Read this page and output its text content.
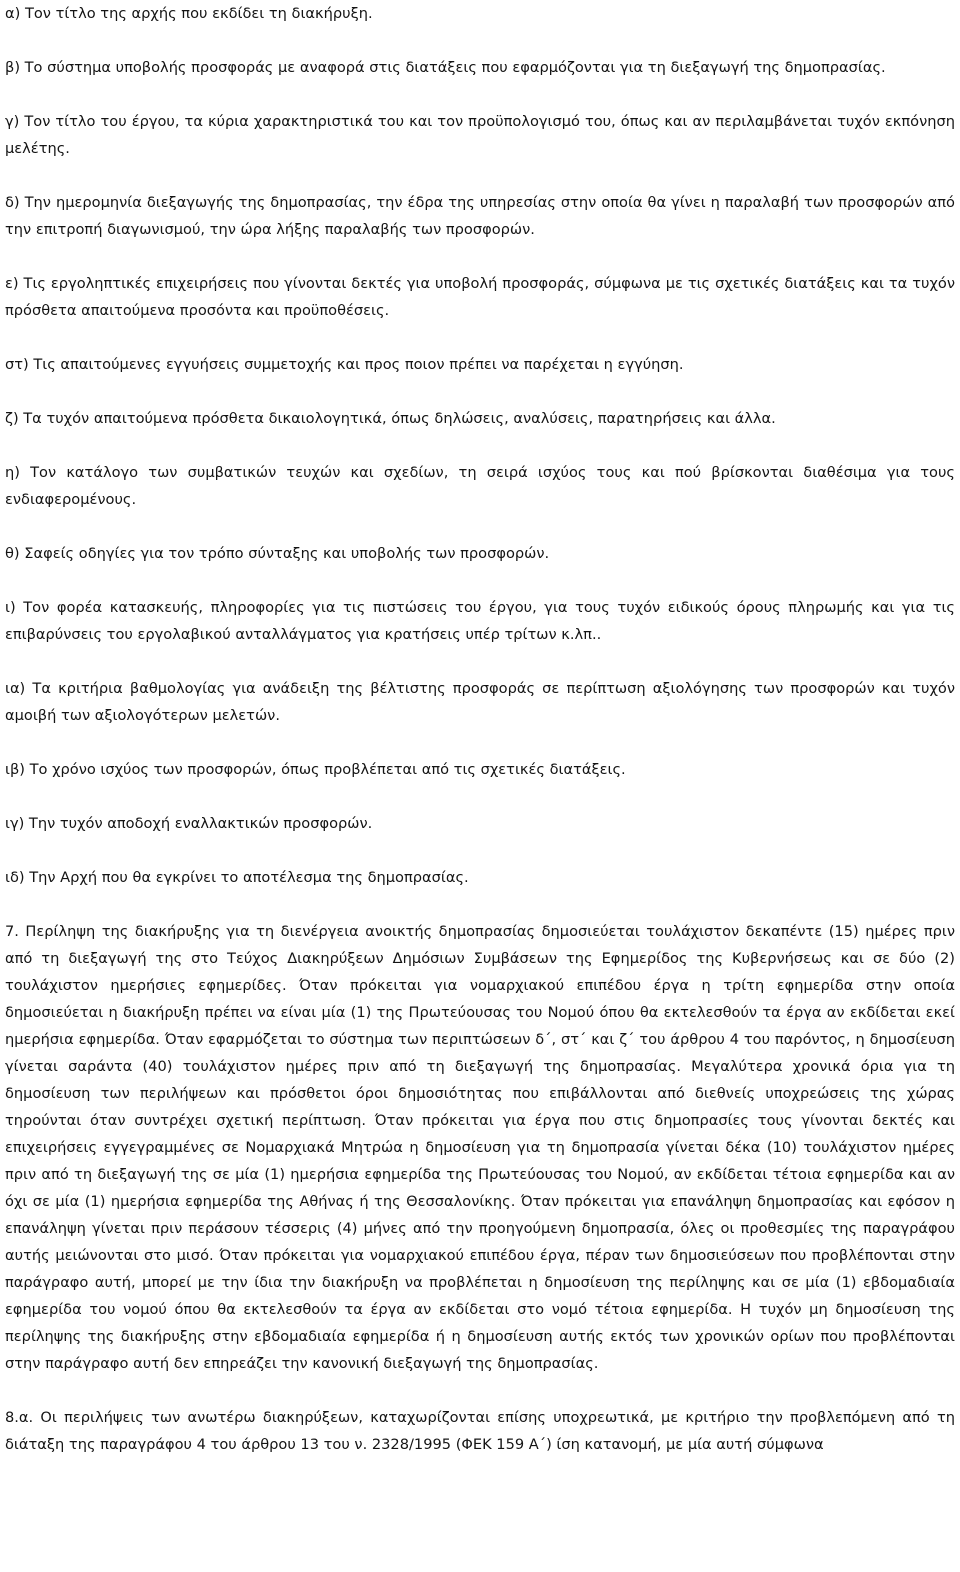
α) Τον τίτλο της αρχής που εκδίδει τη διακήρυξη.

β) Το σύστημα υποβολής προσφοράς με αναφορά στις διατάξεις που εφαρμόζονται για τη διεξαγωγή της δημοπρασίας.

γ) Τον τίτλο του έργου, τα κύρια χαρακτηριστικά του και τον προϋπολογισμό του, όπως και αν περιλαμβάνεται τυχόν εκπόνηση μελέτης.

δ) Την ημερομηνία διεξαγωγής της δημοπρασίας, την έδρα της υπηρεσίας στην οποία θα γίνει η παραλαβή των προσφορών από την επιτροπή διαγωνισμού, την ώρα λήξης παραλαβής των προσφορών.

ε) Τις εργοληπτικές επιχειρήσεις που γίνονται δεκτές για υποβολή προσφοράς, σύμφωνα με τις σχετικές διατάξεις και τα τυχόν πρόσθετα απαιτούμενα προσόντα και προϋποθέσεις.

στ) Τις απαιτούμενες εγγυήσεις συμμετοχής και προς ποιον πρέπει να παρέχεται η εγγύηση.

ζ) Τα τυχόν απαιτούμενα πρόσθετα δικαιολογητικά, όπως δηλώσεις, αναλύσεις, παρατηρήσεις και άλλα.

η) Τον κατάλογο των συμβατικών τευχών και σχεδίων, τη σειρά ισχύος τους και πού βρίσκονται διαθέσιμα για τους ενδιαφερομένους.

θ) Σαφείς οδηγίες για τον τρόπο σύνταξης και υποβολής των προσφορών.

ι) Τον φορέα κατασκευής, πληροφορίες για τις πιστώσεις του έργου, για τους τυχόν ειδικούς όρους πληρωμής και για τις επιβαρύνσεις του εργολαβικού ανταλλάγματος για κρατήσεις υπέρ τρίτων κ.λπ..

ια) Τα κριτήρια βαθμολογίας για ανάδειξη της βέλτιστης προσφοράς σε περίπτωση αξιολόγησης των προσφορών και τυχόν αμοιβή των αξιολογότερων μελετών.

ιβ) Το χρόνο ισχύος των προσφορών, όπως προβλέπεται από τις σχετικές διατάξεις.

ιγ) Την τυχόν αποδοχή εναλλακτικών προσφορών.

ιδ) Την Αρχή που θα εγκρίνει το αποτέλεσμα της δημοπρασίας.

7. Περίληψη της διακήρυξης για τη διενέργεια ανοικτής δημοπρασίας δημοσιεύεται τουλάχιστον δεκαπέντε (15) ημέρες πριν από τη διεξαγωγή της στο Τεύχος Διακηρύξεων Δημόσιων Συμβάσεων της Εφημερίδος της Κυβερνήσεως και σε δύο (2) τουλάχιστον ημερήσιες εφημερίδες. Όταν πρόκειται για νομαρχιακού επιπέδου έργα η τρίτη εφημερίδα στην οποία δημοσιεύεται η διακήρυξη πρέπει να είναι μία (1) της Πρωτεύουσας του Νομού όπου θα εκτελεσθούν τα έργα αν εκδίδεται εκεί ημερήσια εφημερίδα. Όταν εφαρμόζεται το σύστημα των περιπτώσεων δ΄, στ΄ και ζ΄ του άρθρου 4 του παρόντος, η δημοσίευση γίνεται σαράντα (40) τουλάχιστον ημέρες πριν από τη διεξαγωγή της δημοπρασίας. Μεγαλύτερα χρονικά όρια για τη δημοσίευση των περιλήψεων και πρόσθετοι όροι δημοσιότητας που επιβάλλονται από διεθνείς υποχρεώσεις της χώρας τηρούνται όταν συντρέχει σχετική περίπτωση. Όταν πρόκειται για έργα που στις δημοπρασίες τους γίνονται δεκτές και επιχειρήσεις εγγεγραμμένες σε Νομαρχιακά Μητρώα η δημοσίευση για τη δημοπρασία γίνεται δέκα (10) τουλάχιστον ημέρες πριν από τη διεξαγωγή της σε μία (1) ημερήσια εφημερίδα της Πρωτεύουσας του Νομού, αν εκδίδεται τέτοια εφημερίδα και αν όχι σε μία (1) ημερήσια εφημερίδα της Αθήνας ή της Θεσσαλονίκης. Όταν πρόκειται για επανάληψη δημοπρασίας και εφόσον η επανάληψη γίνεται πριν περάσουν τέσσερις (4) μήνες από την προηγούμενη δημοπρασία, όλες οι προθεσμίες της παραγράφου αυτής μειώνονται στο μισό. Όταν πρόκειται για νομαρχιακού επιπέδου έργα, πέραν των δημοσιεύσεων που προβλέπονται στην παράγραφο αυτή, μπορεί με την ίδια την διακήρυξη να προβλέπεται η δημοσίευση της περίληψης και σε μία (1) εβδομαδιαία εφημερίδα του νομού όπου θα εκτελεσθούν τα έργα αν εκδίδεται στο νομό τέτοια εφημερίδα. Η τυχόν μη δημοσίευση της περίληψης της διακήρυξης στην εβδομαδιαία εφημερίδα ή η δημοσίευση αυτής εκτός των χρονικών ορίων που προβλέπονται στην παράγραφο αυτή δεν επηρεάζει την κανονική διεξαγωγή της δημοπρασίας.

8.α. Οι περιλήψεις των ανωτέρω διακηρύξεων, καταχωρίζονται επίσης υποχρεωτικά, με κριτήριο την προβλεπόμενη από τη διάταξη της παραγράφου 4 του άρθρου 13 του ν. 2328/1995 (ΦΕΚ 159 Α΄) ίση κατανομή, με μία αυτή σύμφωνα
